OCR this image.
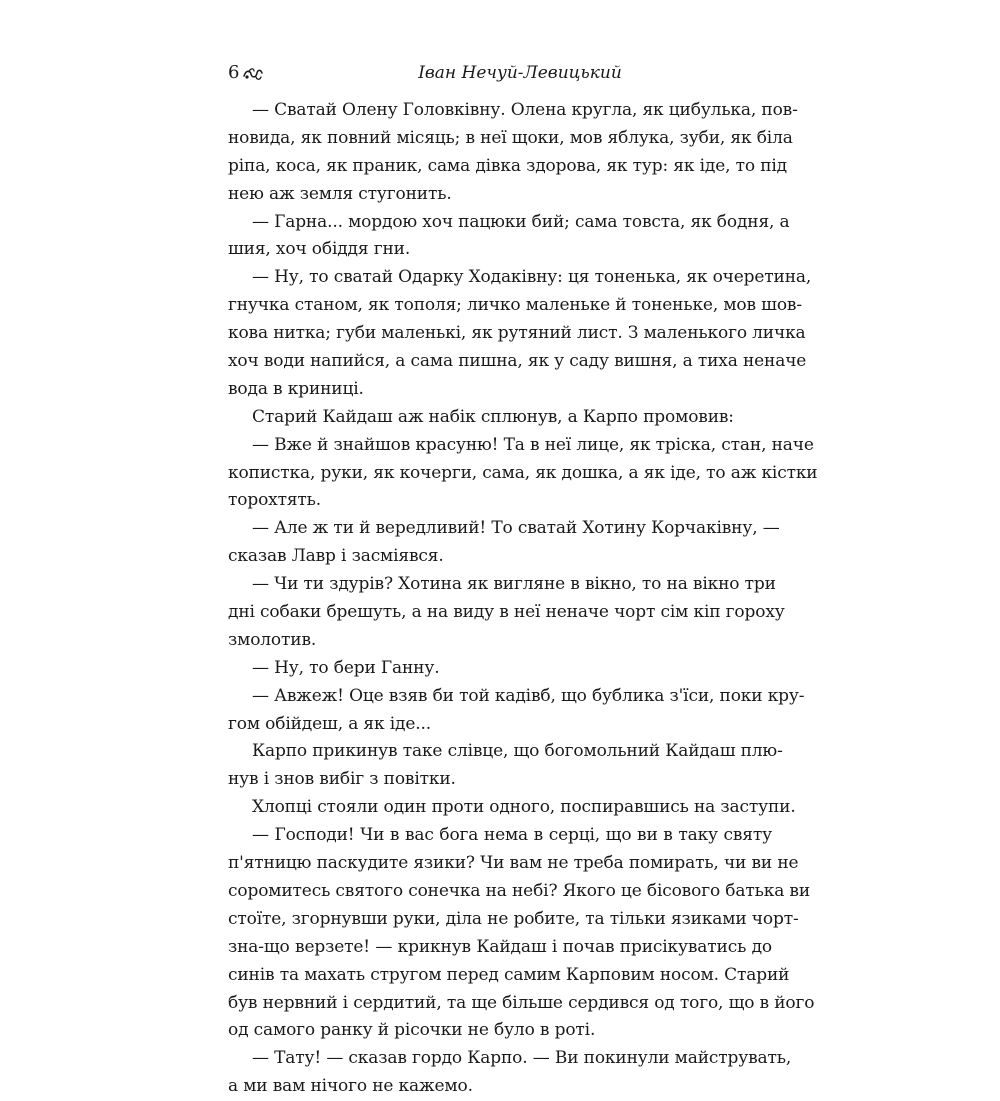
6	Іван Нечуй-Левицький

— Сватай Олену Головківну. Олена кругла, як цибулька, пов-
новида, як повний місяць; в неї щоки, мов яблука, зуби, як біла
ріпа, коса, як праник, сама дівка здорова, як тур: як іде, то під
нею аж земля стугонить.

— Гарна... мордою хоч пацюки бий; сама товста, як бодня, а
шия, хоч обіддя гни.

— Ну, то сватай Одарку Ходаківну: ця тоненька, як очеретина,
гнучка станом, як тополя; личко маленьке й тоненьке, мов шов-
кова нитка; губи маленькі, як рутяний лист. З маленького личка
хоч води напийся, а сама пишна, як у саду вишня, а тиха неначе
вода в криниці.

Старий Кайдаш аж набік сплюнув, а Карпо промовив:

— Вже й знайшов красуню! Та в неї лице, як тріска, стан, наче
копистка, руки, як кочерги, сама, як дошка, а як іде, то аж кістки
торохтять.

— Але ж ти й вередливий! То сватай Хотину Корчаківну, —
сказав Лавр і засміявся.

— Чи ти здурів? Хотина як вигляне в вікно, то на вікно три
дні собаки брешуть, а на виду в неї неначе чорт сім кіп гороху
змолотив.

— Ну, то бери Ганну.

— Авжеж! Оце взяв би той кадівб, що бублика з'їси, поки кру-
гом обійдеш, а як іде...

Карпо прикинув таке слівце, що богомольний Кайдаш плю-
нув і знов вибіг з повітки.

Хлопці стояли один проти одного, поспиравшись на заступи.

— Господи! Чи в вас бога нема в серці, що ви в таку святу
п'ятницю паскудите язики? Чи вам не треба помирать, чи ви не
соромитесь святого сонечка на небі? Якого це бісового батька ви
стоїте, згорнувши руки, діла не робите, та тільки язиками чорт-
зна-що верзете! — крикнув Кайдаш і почав присікуватись до
синів та махать стругом перед самим Карповим носом. Старий
був нервний і сердитий, та ще більше сердився од того, що в його
од самого ранку й рісочки не було в роті.

— Тату! — сказав гордо Карпо. — Ви покинули майструвать,
а ми вам нічого не кажемо.
